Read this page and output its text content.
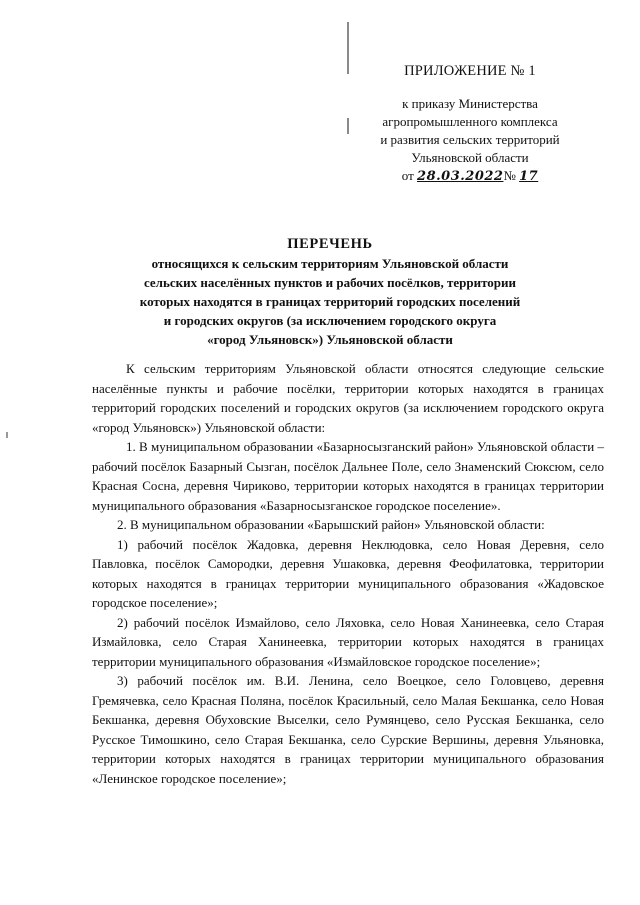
ПРИЛОЖЕНИЕ № 1
к приказу Министерства
агропромышленного комплекса
и развития сельских территорий
Ульяновской области
от 28.03.2022№ 17
ПЕРЕЧЕНЬ
относящихся к сельским территориям Ульяновской области
сельских населённых пунктов и рабочих посёлков, территории
которых находятся в границах территорий городских поселений
и городских округов (за исключением городского округа
«город Ульяновск») Ульяновской области

К сельским территориям Ульяновской области относятся следующие сельские населённые пункты и рабочие посёлки, территории которых находятся в границах территорий городских поселений и городских округов (за исключением городского округа «город Ульяновск») Ульяновской области:

1. В муниципальном образовании «Базарносызганский район» Ульяновской области – рабочий посёлок Базарный Сызган, посёлок Дальнее Поле, село Знаменский Сюксюм, село Красная Сосна, деревня Чириково, территории которых находятся в границах территории муниципального образования «Базарносызганское городское поселение».

2. В муниципальном образовании «Барышский район» Ульяновской области:

1) рабочий посёлок Жадовка, деревня Неклюдовка, село Новая Деревня, село Павловка, посёлок Самородки, деревня Ушаковка, деревня Феофилатовка, территории которых находятся в границах территории муниципального образования «Жадовское городское поселение»;

2) рабочий посёлок Измайлово, село Ляховка, село Новая Ханинеевка, село Старая Измайловка, село Старая Ханинеевка, территории которых находятся в границах территории муниципального образования «Измайловское городское поселение»;

3) рабочий посёлок им. В.И. Ленина, село Воецкое, село Головцево, деревня Гремячевка, село Красная Поляна, посёлок Красильный, село Малая Бекшанка, село Новая Бекшанка, деревня Обуховские Выселки, село Румянцево, село Русская Бекшанка, село Русское Тимошкино, село Старая Бекшанка, село Сурские Вершины, деревня Ульяновка, территории которых находятся в границах территории муниципального образования «Ленинское городское поселение»;
